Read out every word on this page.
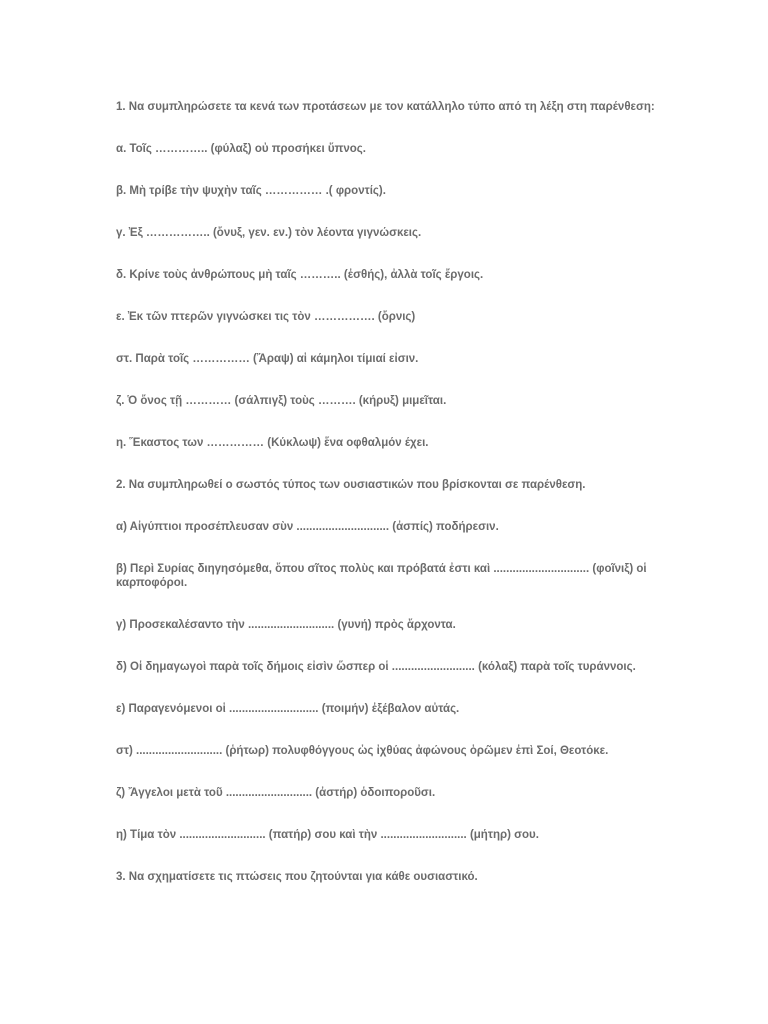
1. Να συμπληρώσετε τα κενά των προτάσεων με τον κατάλληλο τύπο από τη λέξη στη παρένθεση:

α. Τοῖς ………….. (φύλαξ) οὐ προσήκει ὕπνος.

β. Μὴ τρίβε τὴν ψυχὴν ταῖς …………… .( φροντίς).

γ. Ἐξ …………….. (ὄνυξ, γεν. εν.) τὸν λέοντα γιγνώσκεις.

δ. Κρίνε τοὺς ἀνθρώπους μὴ ταῖς ……….. (ἐσθής), ἀλλὰ τοῖς ἔργοις.

ε. Ἐκ τῶν πτερῶν γιγνώσκει τις τὸν ……………. (ὄρνις)

στ. Παρὰ τοῖς …………… (Ἄραψ) αἱ κάμηλοι τίμιαί εἰσιν.

ζ. Ὁ ὄνος τῇ ………… (σάλπιγξ) τοὺς ………. (κήρυξ) μιμεῖται.

η. Ἕκαστος των …………… (Κύκλωψ) ἕνα οφθαλμόν έχει.

2. Να συμπληρωθεί ο σωστός τύπος των ουσιαστικών που βρίσκονται σε παρένθεση.

α) Αἰγύπτιοι προσέπλευσαν σὺν ............................. (ἀσπίς) ποδήρεσιν.

β) Περὶ Συρίας διηγησόμεθα, ὅπου σῖτος πολὺς και πρόβατά ἐστι καὶ .............................. (φοῖνιξ) οἱ καρποφόροι.

γ) Προσεκαλέσαντο τὴν ........................... (γυνή) πρὸς ἄρχοντα.

δ) Οἱ δημαγωγοὶ παρὰ τοῖς δήμοις εἰσὶν ὥσπερ οἱ .......................... (κόλαξ) παρὰ τοῖς τυράννοις.

ε) Παραγενόμενοι οἱ ............................ (ποιμήν) ἐξέβαλον αὐτάς.

στ) ........................... (ῥήτωρ) πολυφθόγγους ὡς ἰχθύας ἀφώνους ὁρῶμεν ἐπὶ Σοί, Θεοτόκε.

ζ) Ἄγγελοι μετὰ τοῦ ........................... (ἀστήρ) ὁδοιποροῦσι.

η) Τίμα τὸν ........................... (πατήρ) σου καὶ τὴν ........................... (μήτηρ) σου.

3. Να σχηματίσετε τις πτώσεις που ζητούνται για κάθε ουσιαστικό.
